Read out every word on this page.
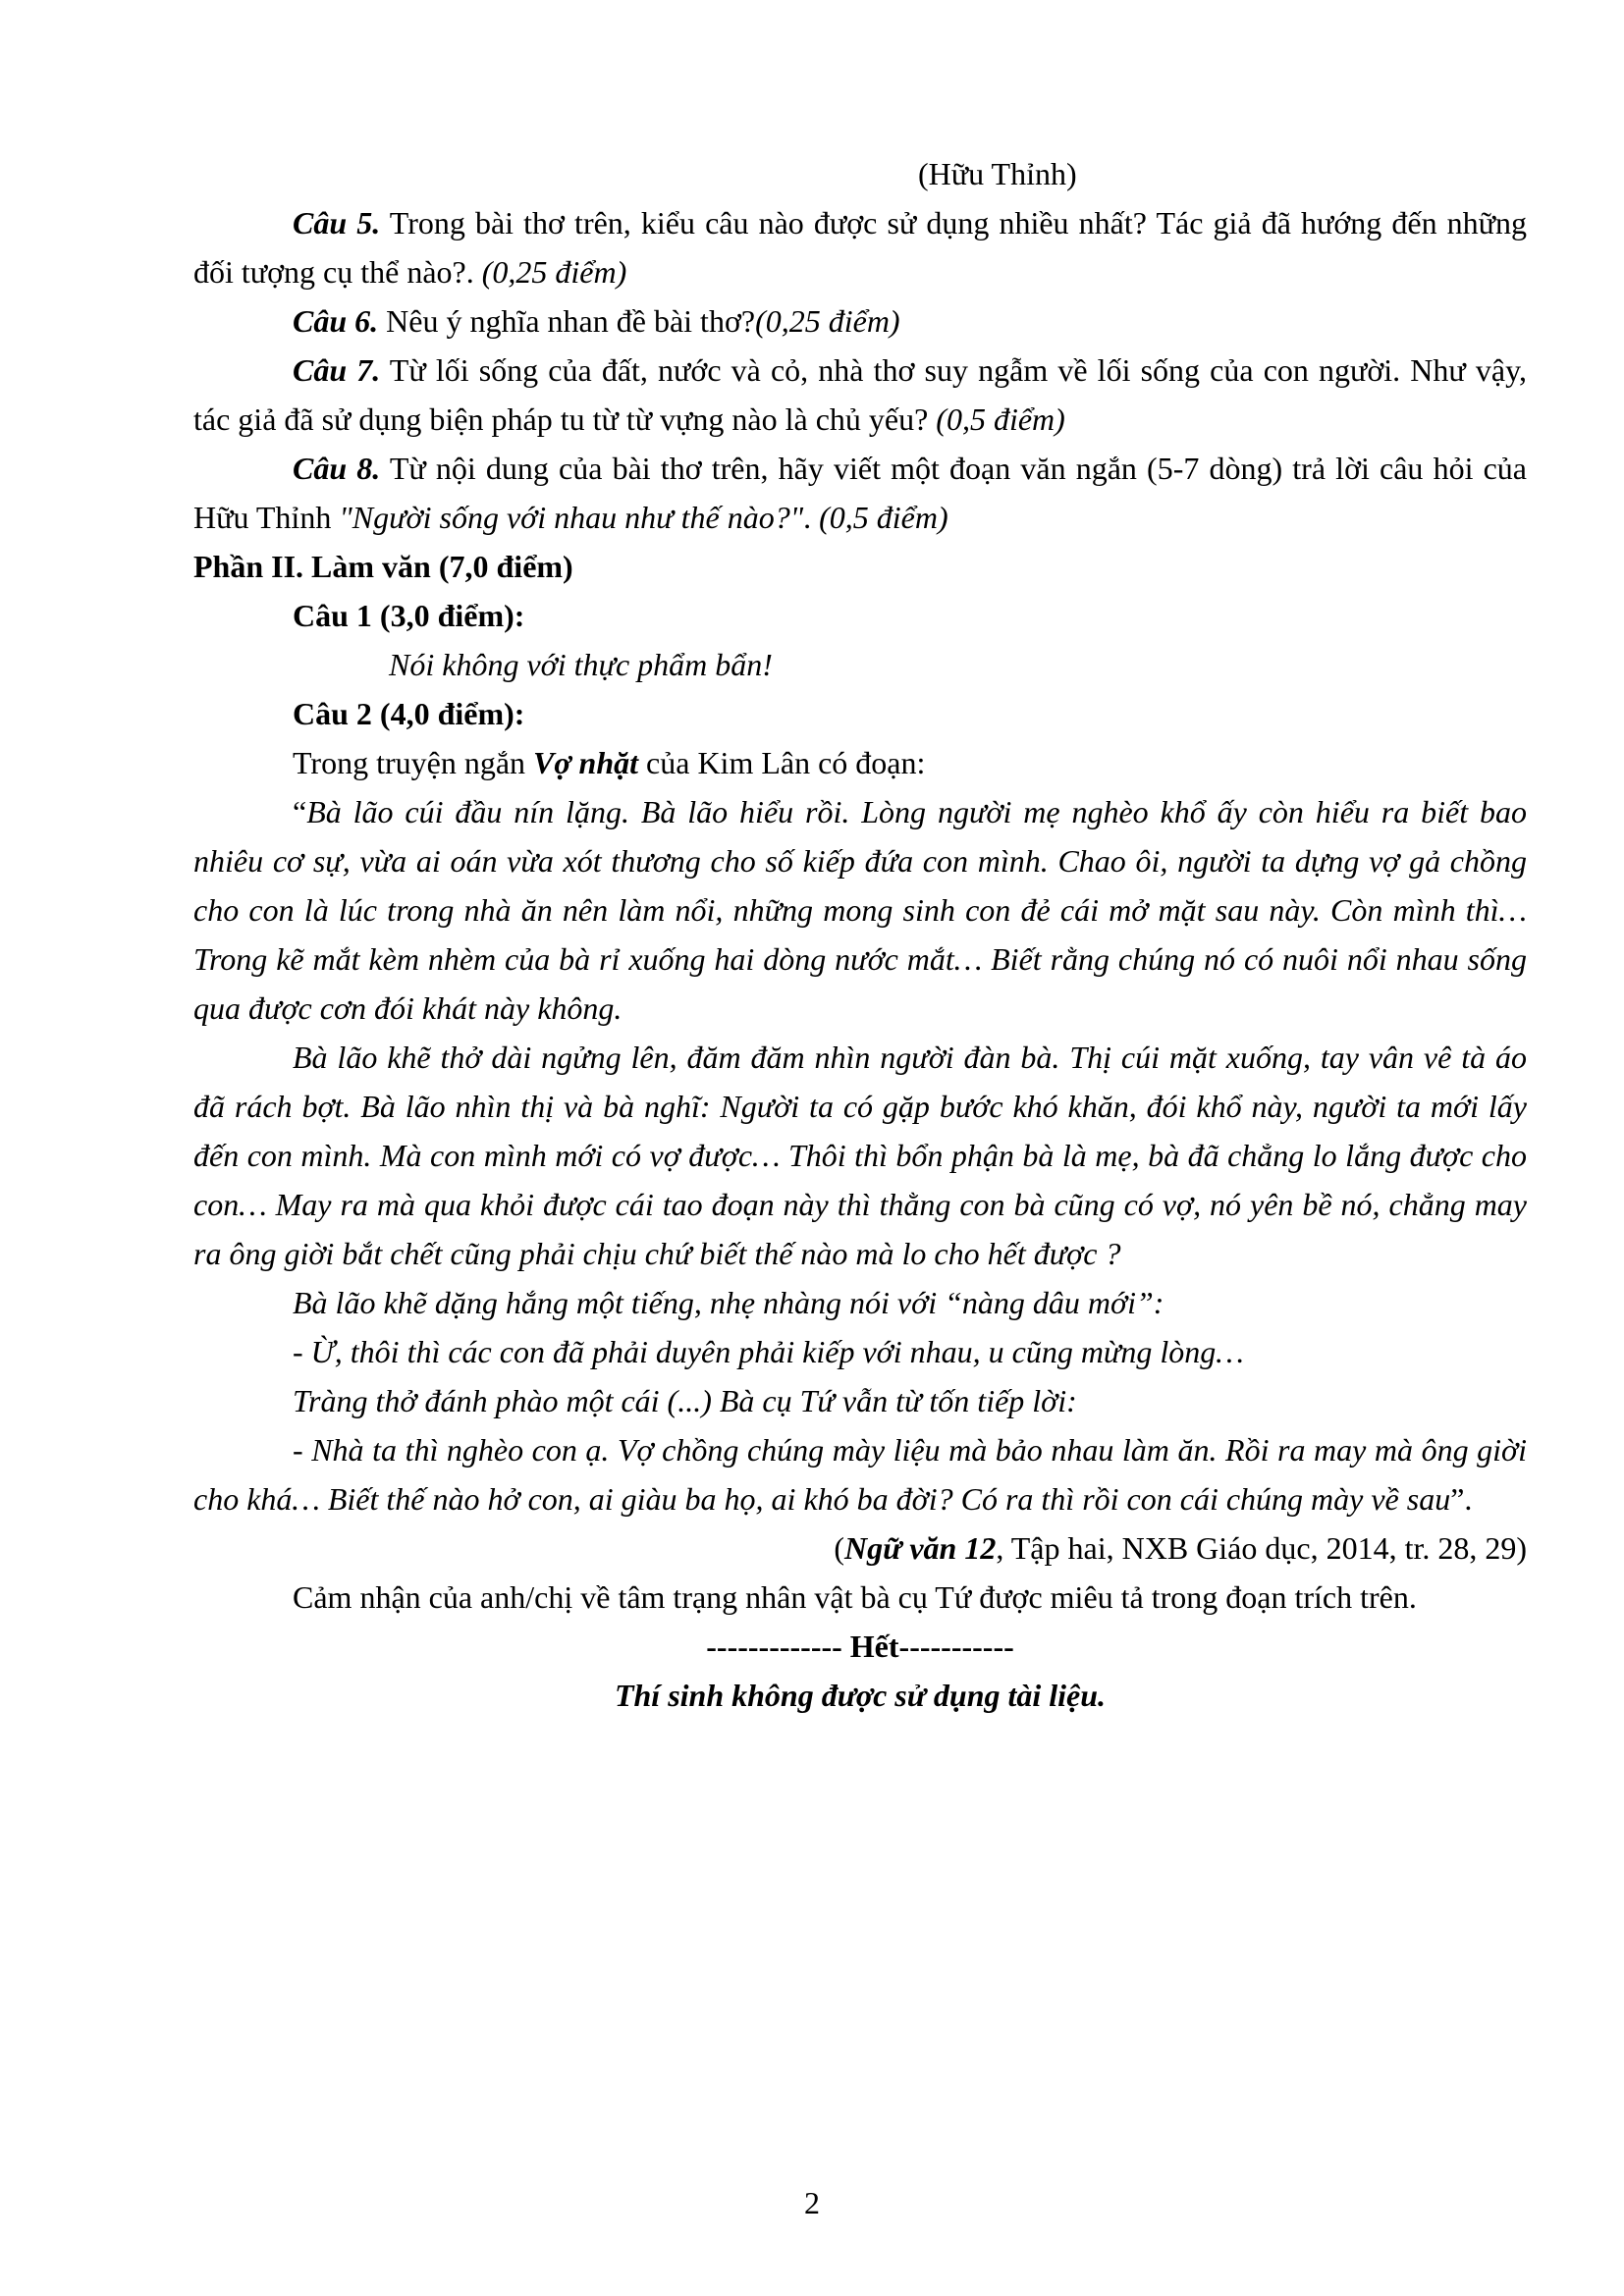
(Hữu Thỉnh)

Câu 5. Trong bài thơ trên, kiểu câu nào được sử dụng nhiều nhất? Tác giả đã hướng đến những đối tượng cụ thể nào?. (0,25 điểm)

Câu 6. Nêu ý nghĩa nhan đề bài thơ?(0,25 điểm)

Câu 7. Từ lối sống của đất, nước và cỏ, nhà thơ suy ngẫm về lối sống của con người. Như vậy, tác giả đã sử dụng biện pháp tu từ từ vựng nào là chủ yếu? (0,5 điểm)

Câu 8. Từ nội dung của bài thơ trên, hãy viết một đoạn văn ngắn (5-7 dòng) trả lời câu hỏi của Hữu Thỉnh "Người sống với nhau như thế nào?". (0,5 điểm)

Phần II. Làm văn (7,0 điểm)

Câu 1 (3,0 điểm):

Nói không với thực phẩm bẩn!

Câu 2 (4,0 điểm):

Trong truyện ngắn Vợ nhặt của Kim Lân có đoạn:

“Bà lão cúi đầu nín lặng. Bà lão hiểu rồi. Lòng người mẹ nghèo khổ ấy còn hiểu ra biết bao nhiêu cơ sự, vừa ai oán vừa xót thương cho số kiếp đứa con mình. Chao ôi, người ta dựng vợ gả chồng cho con là lúc trong nhà ăn nên làm nổi, những mong sinh con đẻ cái mở mặt sau này. Còn mình thì… Trong kẽ mắt kèm nhèm của bà rỉ xuống hai dòng nước mắt… Biết rằng chúng nó có nuôi nổi nhau sống qua được cơn đói khát này không.

Bà lão khẽ thở dài ngửng lên, đăm đăm nhìn người đàn bà. Thị cúi mặt xuống, tay vân vê tà áo đã rách bợt. Bà lão nhìn thị và bà nghĩ: Người ta có gặp bước khó khăn, đói khổ này, người ta mới lấy đến con mình. Mà con mình mới có vợ được… Thôi thì bổn phận bà là mẹ, bà đã chẳng lo lắng được cho con… May ra mà qua khỏi được cái tao đoạn này thì thằng con bà cũng có vợ, nó yên bề nó, chẳng may ra ông giời bắt chết cũng phải chịu chứ biết thế nào mà lo cho hết được ?

Bà lão khẽ dặng hắng một tiếng, nhẹ nhàng nói với “nàng dâu mới”:

- Ừ, thôi thì các con đã phải duyên phải kiếp với nhau, u cũng mừng lòng…

Tràng thở đánh phào một cái (...) Bà cụ Tứ vẫn từ tốn tiếp lời:

- Nhà ta thì nghèo con ạ. Vợ chồng chúng mày liệu mà bảo nhau làm ăn. Rồi ra may mà ông giời cho khá… Biết thế nào hở con, ai giàu ba họ, ai khó ba đời? Có ra thì rồi con cái chúng mày về sau”.

(Ngữ văn 12, Tập hai, NXB Giáo dục, 2014, tr. 28, 29)

Cảm nhận của anh/chị về tâm trạng nhân vật bà cụ Tứ được miêu tả trong đoạn trích trên.

------------- Hết-----------

Thí sinh không được sử dụng tài liệu.

2
